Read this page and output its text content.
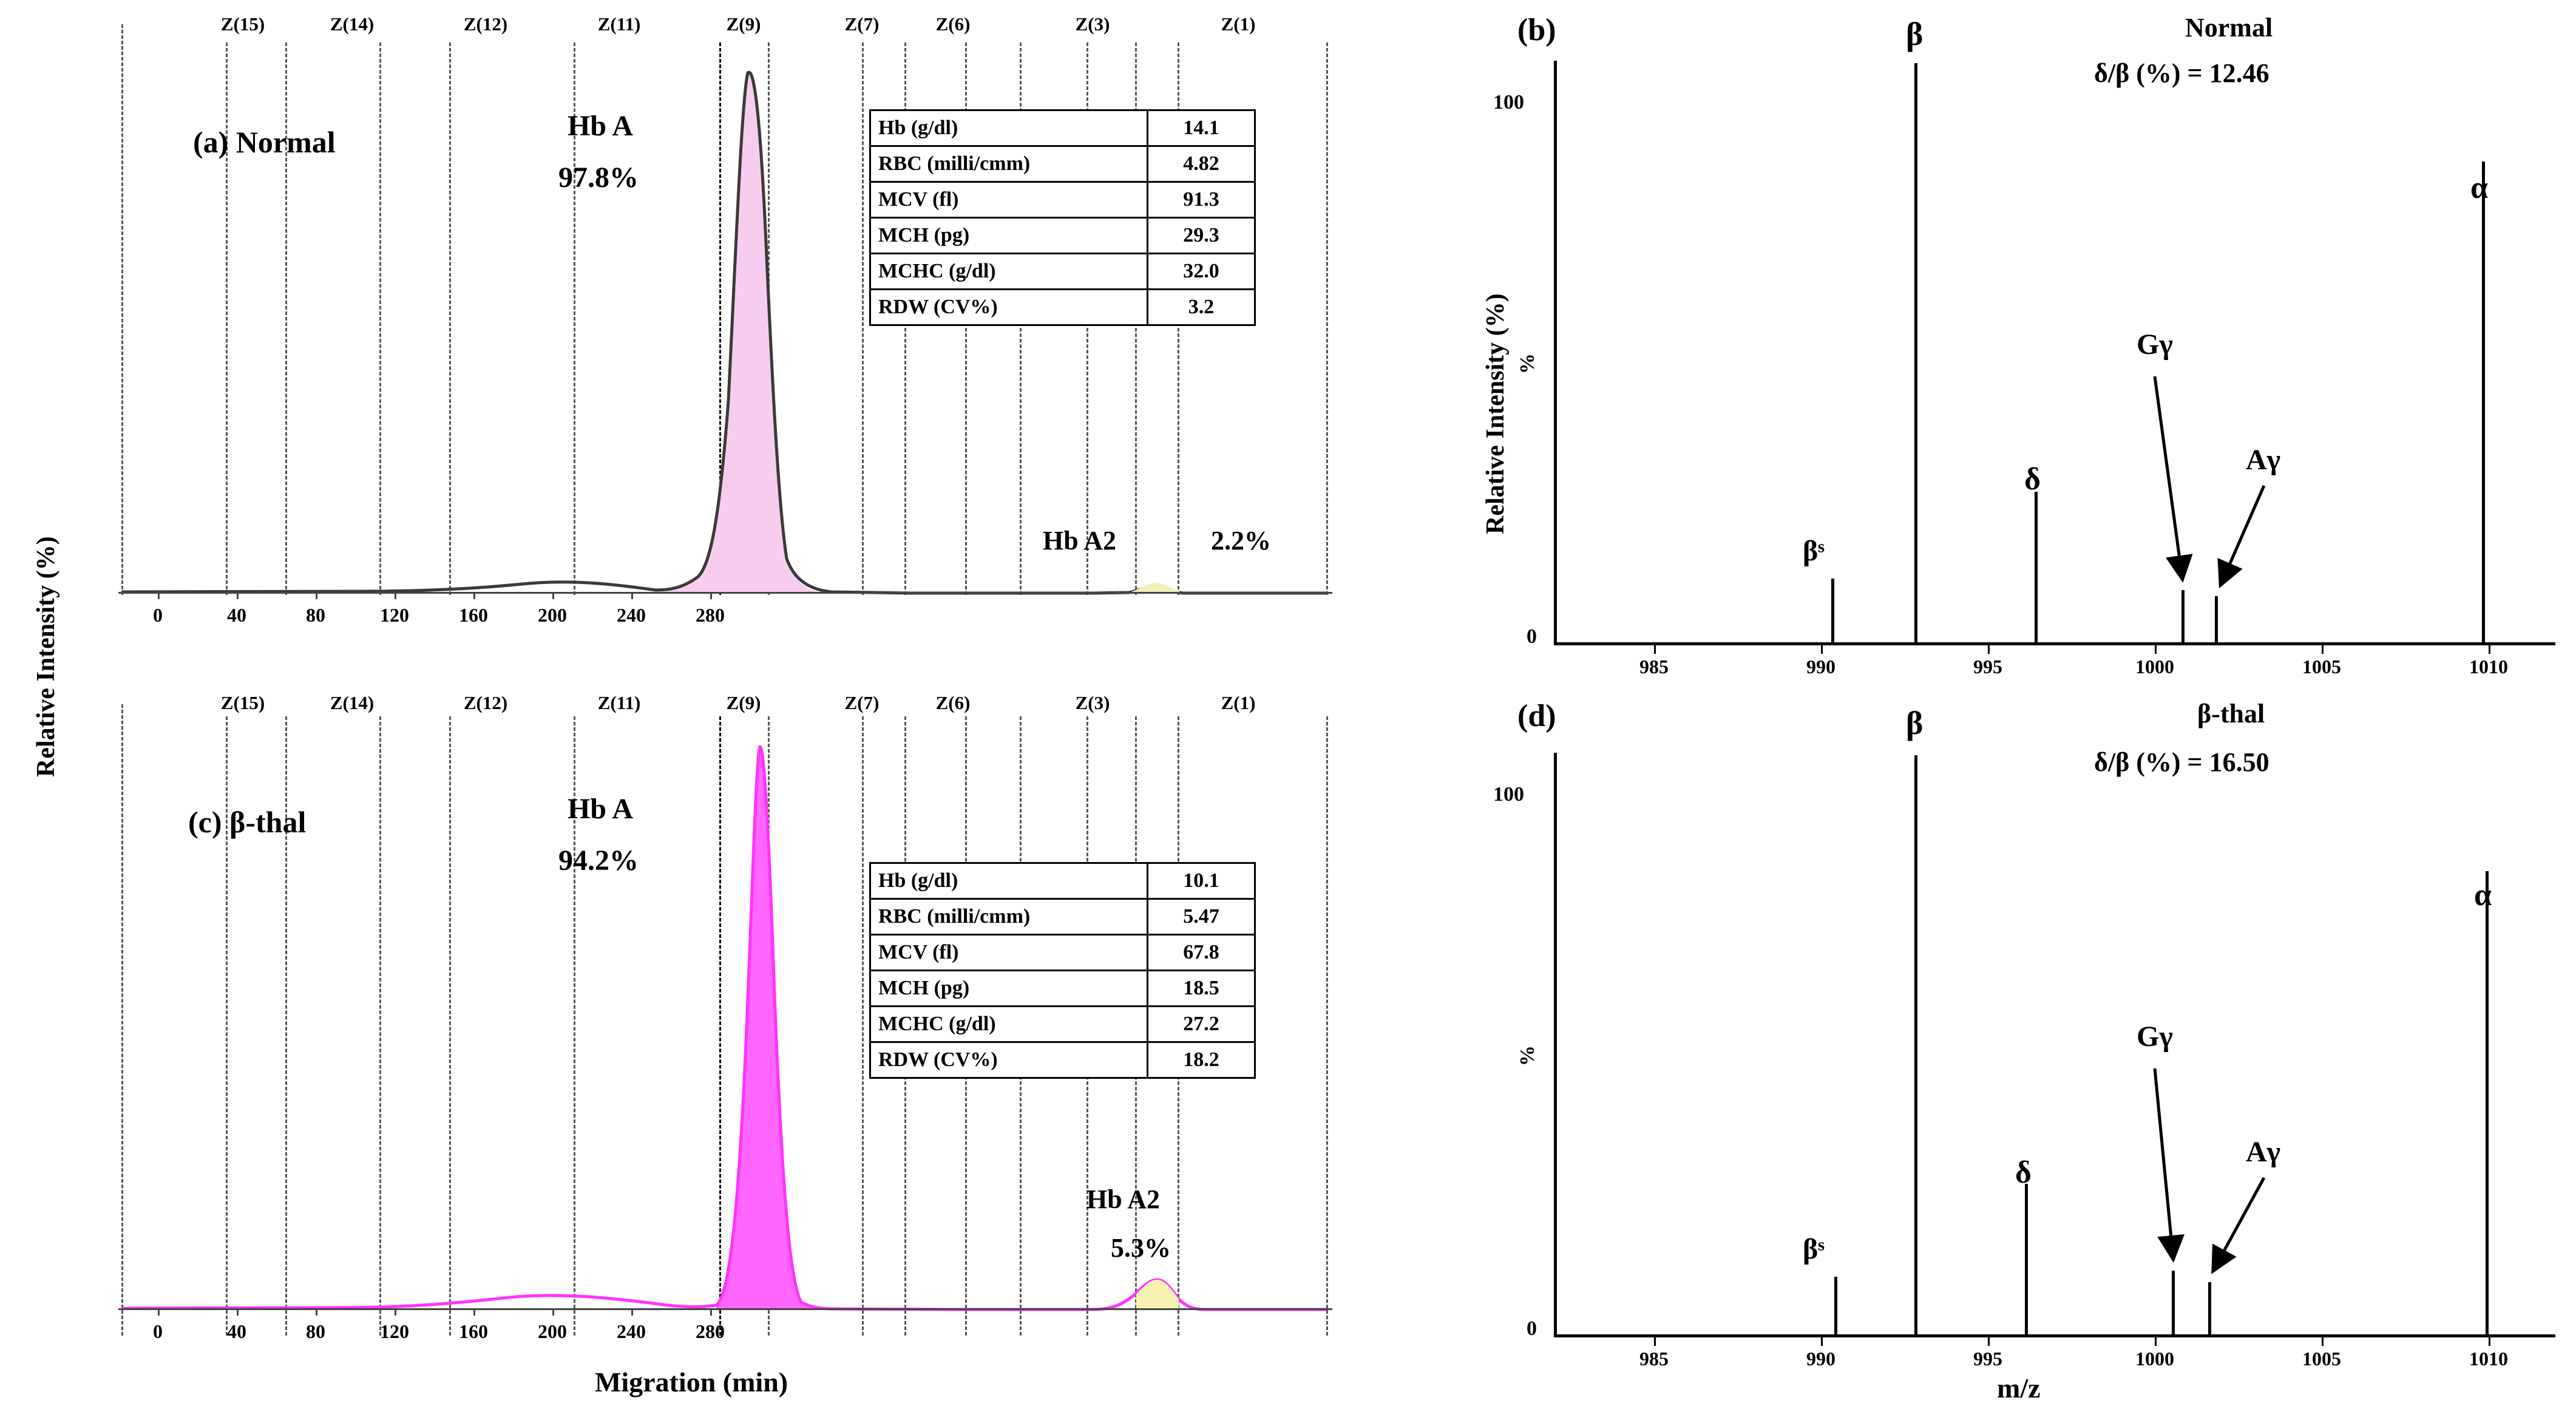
Relative Intensity (%)
Z(15)	Z(14)	Z(12)	Z(11)	Z(9)	Z(7)	Z(6)	Z(3)	Z(1)
0	40	80	120	160	200	240	280
(a) Normal	Hb A
97.8%
Hb A2	2.2%
Hb (g/dl)	14.1
RBC (milli/cmm)	4.82
MCV (fl)	91.3
MCH (pg)	29.3
MCHC (g/dl)	32.0
RDW (CV%)	3.2
Z(15)	Z(14)	Z(12)	Z(11)	Z(9)	Z(7)	Z(6)	Z(3)	Z(1)
0	40	80	120	160	200	240	280
(c) β-thal	Hb A
94.2%
Hb A2
5.3%
Hb (g/dl)	10.1
RBC (milli/cmm)	5.47
MCV (fl)	67.8
MCH (pg)	18.5
MCHC (g/dl)	27.2
RDW (CV%)	18.2
Migration (min)
Relative Intensity (%)
100
0
%
985	990	995	1000	1005	1010
(b)	Normal
δ/β (%) = 12.46
β
α
δ
βˢ
Gγ
Aγ
100
0
%
985	990	995	1000	1005	1010
(d)	β-thal
δ/β (%) = 16.50
β
α
δ
βˢ
Gγ
Aγ
m/z
